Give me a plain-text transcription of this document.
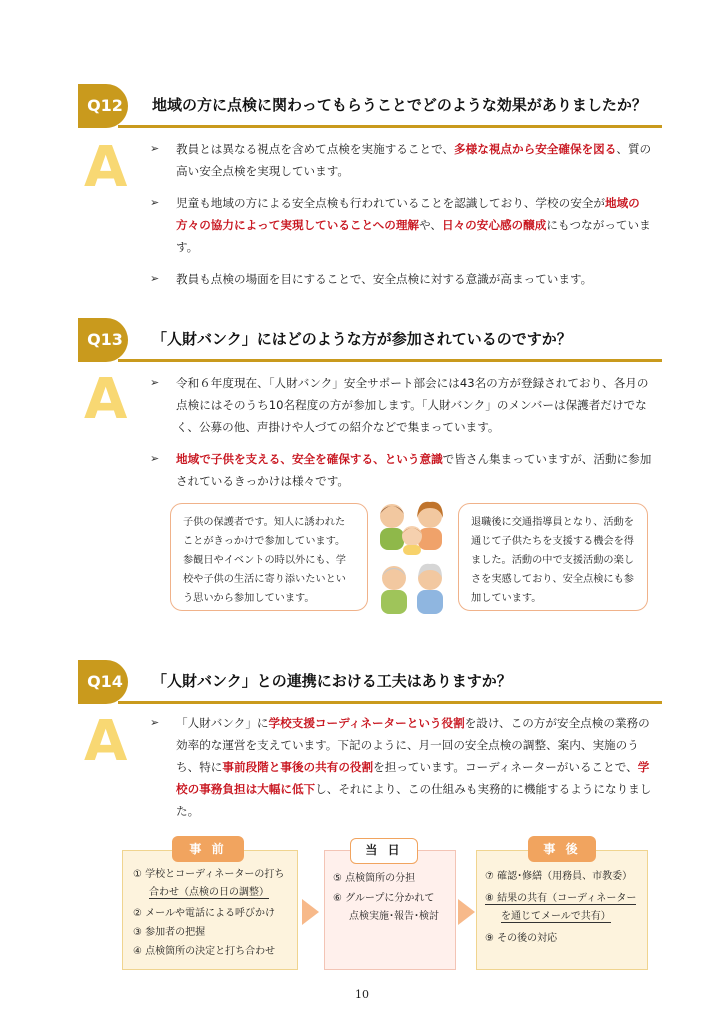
Q12	地域の方に点検に関わってもらうことでどのような効果がありましたか？
A ➢ 教員とは異なる視点を含めて点検を実施することで、多様な視点から安全確保を図る、質の高い安全点検を実現しています。
➢ 児童も地域の方による安全点検も行われていることを認識しており、学校の安全が地域の方々の協力によって実現していることへの理解や、日々の安心感の醸成にもつながっています。
➢ 教員も点検の場面を目にすることで、安全点検に対する意識が高まっています。
Q13	「人財バンク」にはどのような方が参加されているのですか？
A ➢ 令和６年度現在、「人財バンク」安全サポート部会には43名の方が登録されており、各月の点検にはそのうち10名程度の方が参加します。「人財バンク」のメンバーは保護者だけでなく、公募の他、声掛けや人づての紹介などで集まっています。
➢ 地域で子供を支える、安全を確保する、という意識で皆さん集まっていますが、活動に参加されているきっかけは様々です。
子供の保護者です。知人に誘われたことがきっかけで参加しています。参観日やイベントの時以外にも、学校や子供の生活に寄り添いたいという思いから参加しています。
退職後に交通指導員となり、活動を通じて子供たちを支援する機会を得ました。活動の中で支援活動の楽しさを実感しており、安全点検にも参加しています。
Q14	「人財バンク」との連携における工夫はありますか？
A ➢ 「人財バンク」に学校支援コーディネーターという役割を設け、この方が安全点検の業務の効率的な運営を支えています。下記のように、月一回の安全点検の調整、案内、実施のうち、特に事前段階と事後の共有の役割を担っています。コーディネーターがいることで、学校の事務負担は大幅に低下し、それにより、この仕組みも実務的に機能するようになりました。
① 学校とコーディネーターの打ち
合わせ（点検の日の調整）
② メールや電話による呼びかけ
③ 参加者の把握
④ 点検箇所の決定と打ち合わせ
事 前
⑤ 点検箇所の分担
⑥ グループに分かれて
点検実施･報告･検討
当 日
⑦ 確認･修繕（用務員、市教委）
⑧ 結果の共有（コーディネーター
を通じてメールで共有）
⑨ その後の対応
事 後
10
